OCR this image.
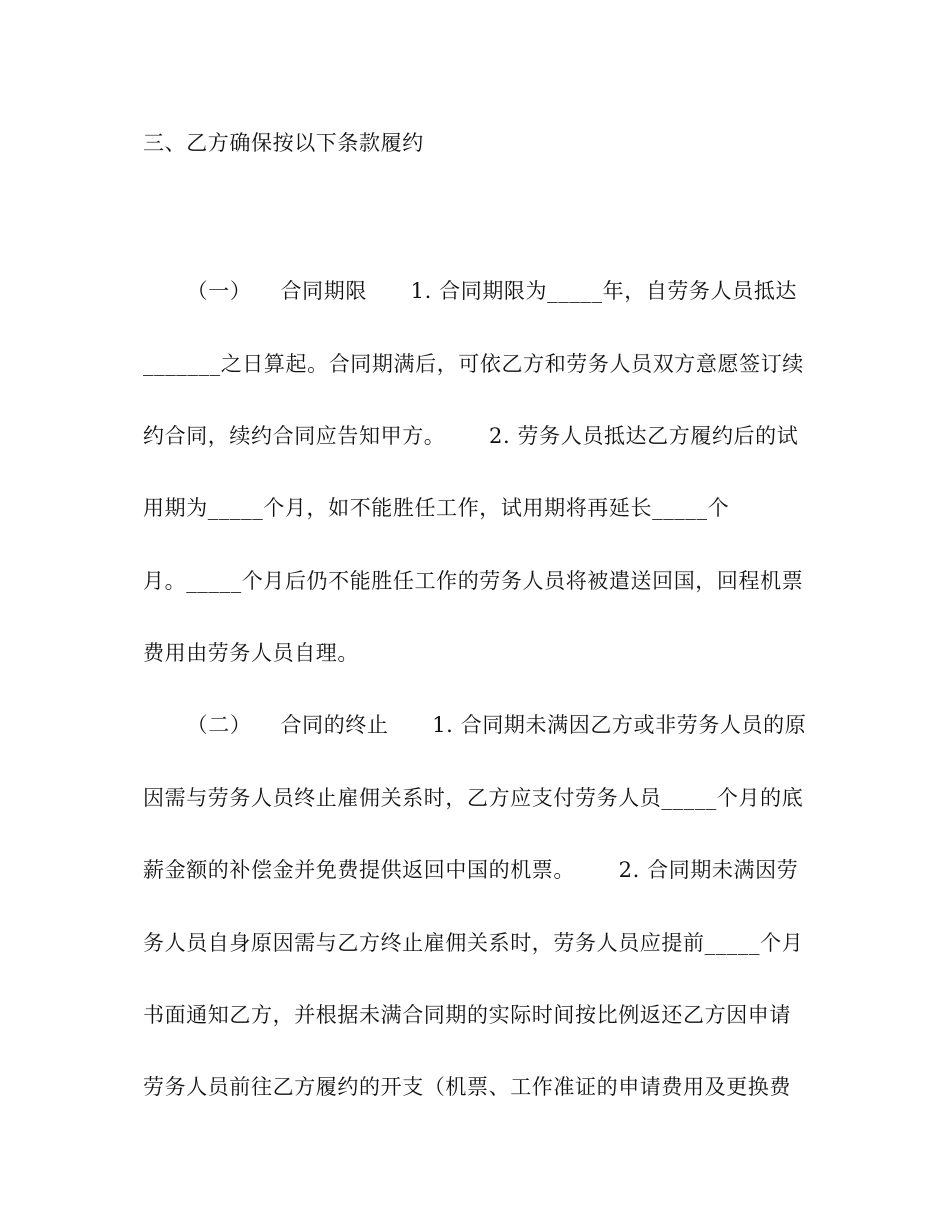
三、乙方确保按以下条款履约
（一）    合同期限      1. 合同期限为_____年，自劳务人员抵达
_______之日算起。合同期满后，可依乙方和劳务人员双方意愿签订续
约合同，续约合同应告知甲方。      2. 劳务人员抵达乙方履约后的试
用期为_____个月，如不能胜任工作，试用期将再延长_____个
月。_____个月后仍不能胜任工作的劳务人员将被遣送回国，回程机票
费用由劳务人员自理。
（二）    合同的终止      1. 合同期未满因乙方或非劳务人员的原
因需与劳务人员终止雇佣关系时，乙方应支付劳务人员_____个月的底
薪金额的补偿金并免费提供返回中国的机票。      2. 合同期未满因劳
务人员自身原因需与乙方终止雇佣关系时，劳务人员应提前_____个月
书面通知乙方，并根据未满合同期的实际时间按比例返还乙方因申请
劳务人员前往乙方履约的开支（机票、工作准证的申请费用及更换费
